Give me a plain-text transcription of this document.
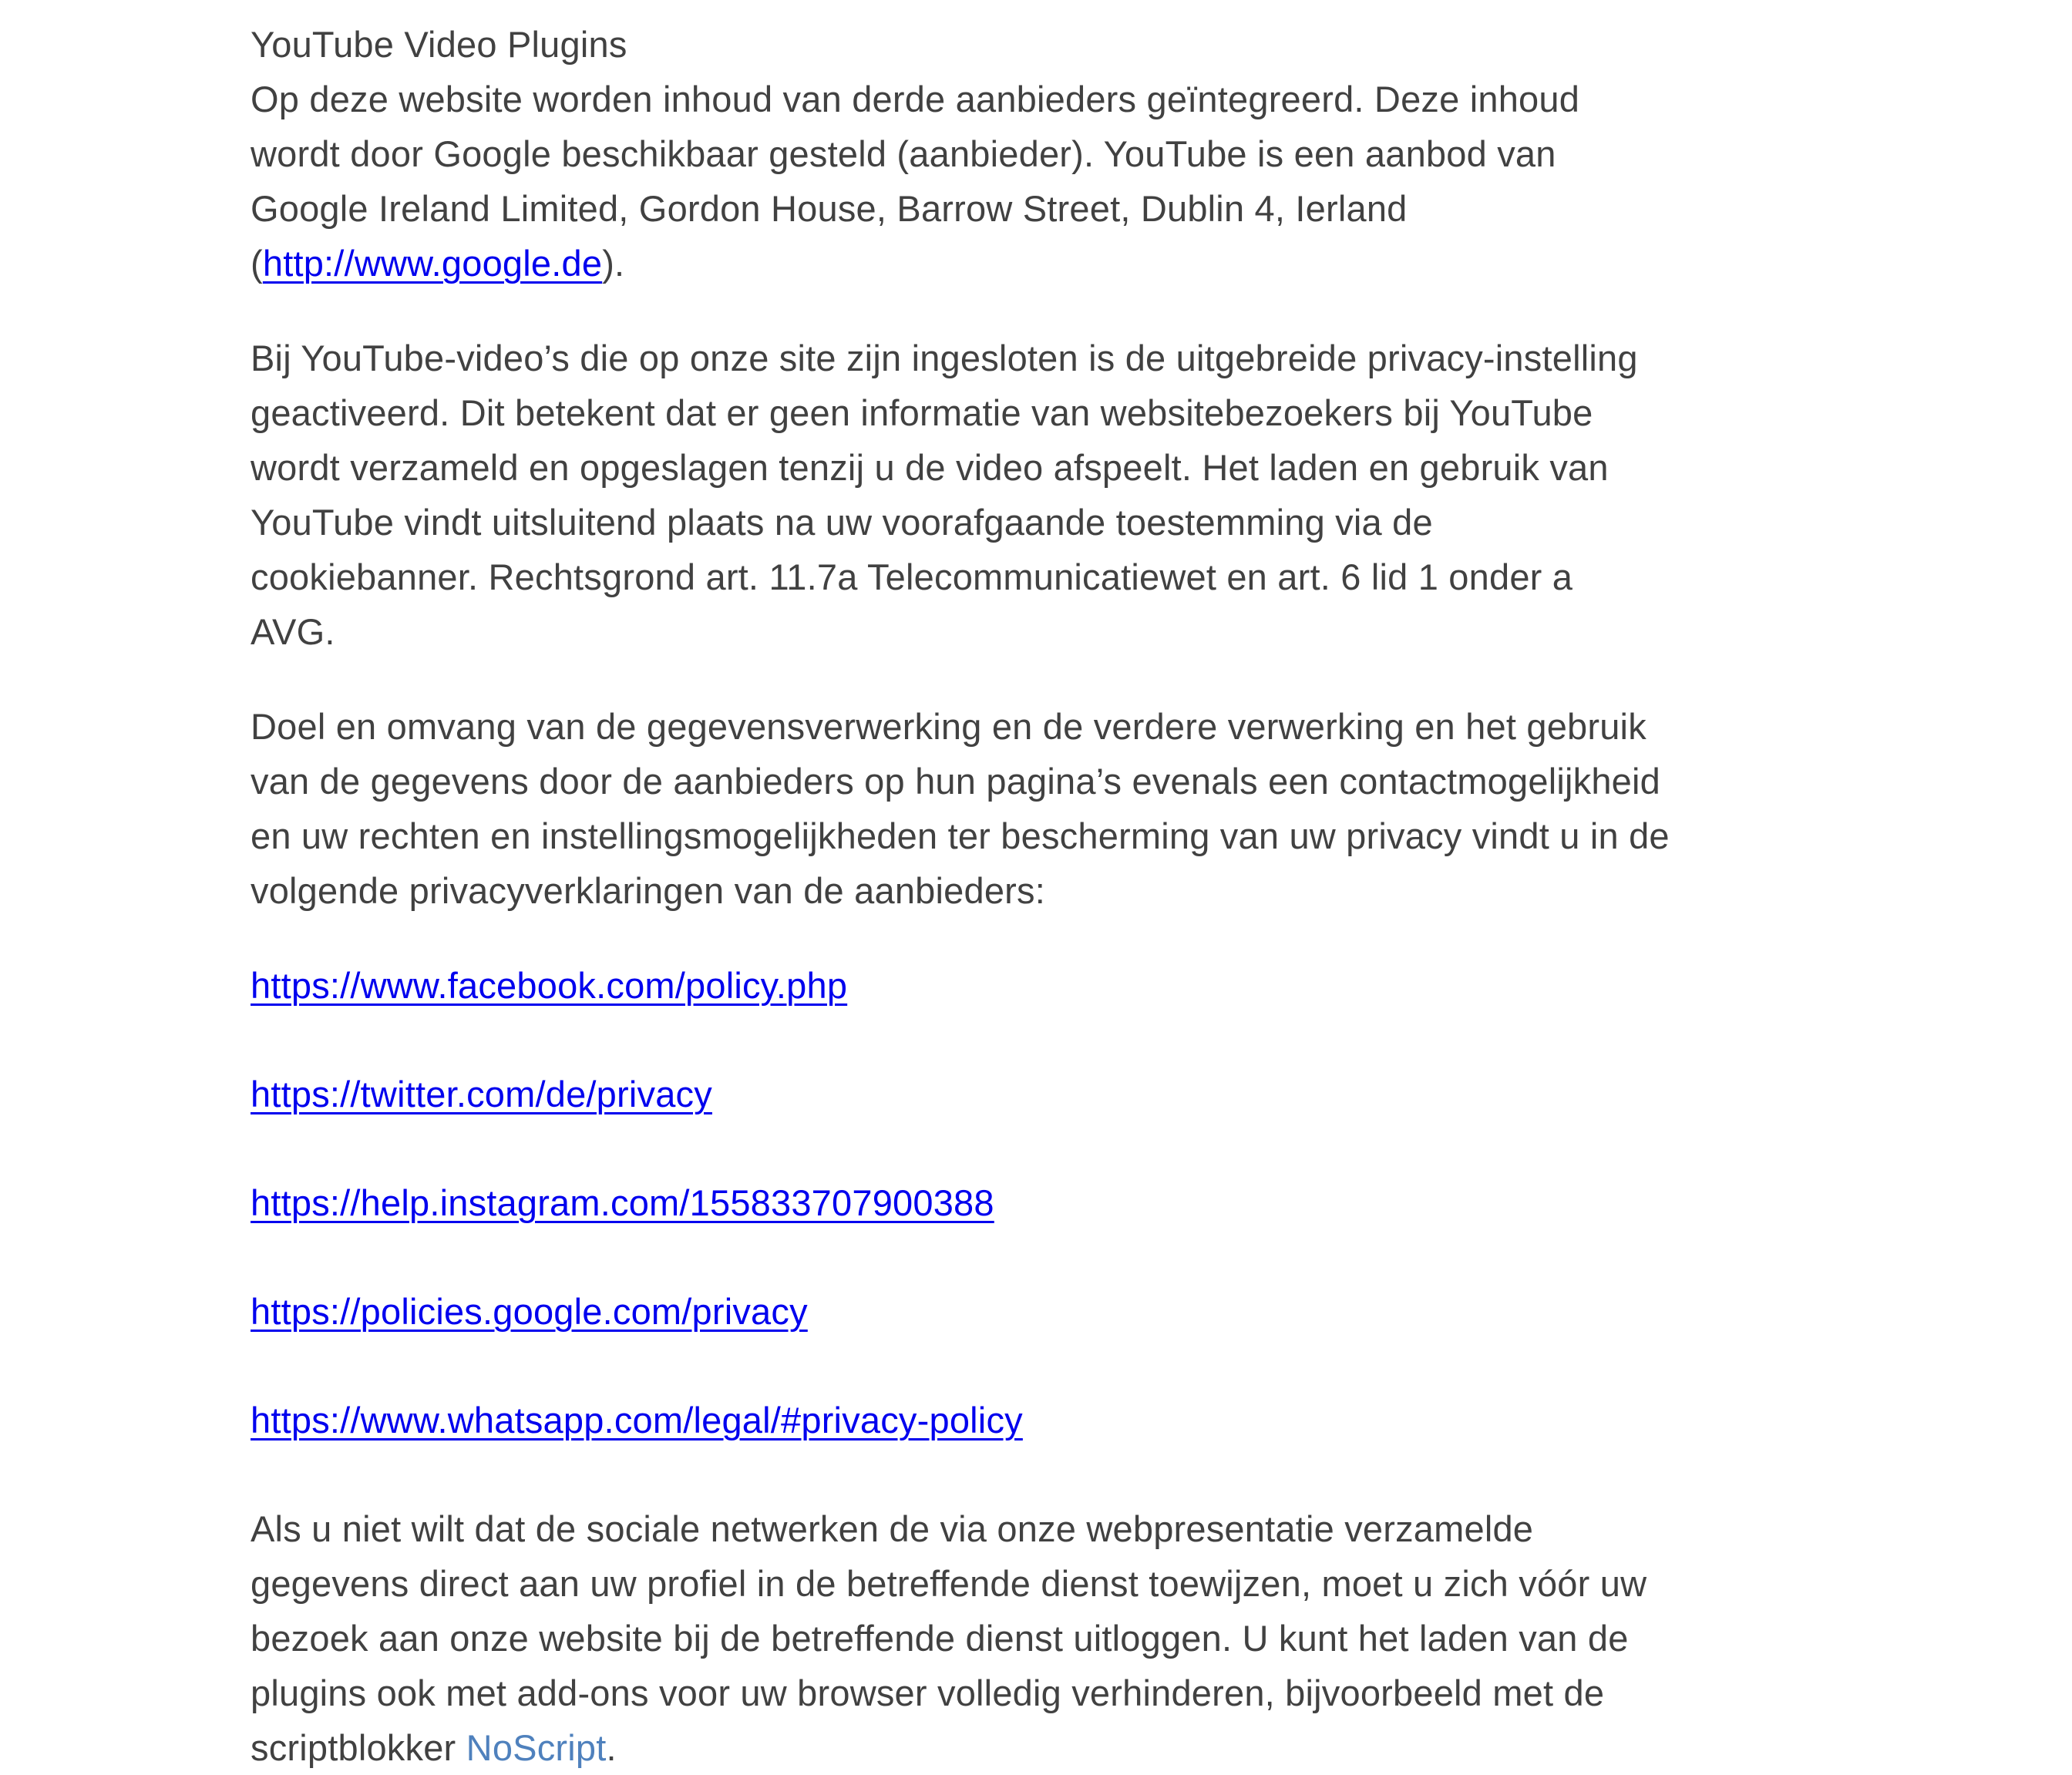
YouTube Video Plugins

Op deze website worden inhoud van derde aanbieders geïntegreerd. Deze inhoud
wordt door Google beschikbaar gesteld (aanbieder). YouTube is een aanbod van
Google Ireland Limited, Gordon House, Barrow Street, Dublin 4, Ierland
(http://www.google.de).

Bij YouTube-video’s die op onze site zijn ingesloten is de uitgebreide privacy-instelling
geactiveerd. Dit betekent dat er geen informatie van websitebezoekers bij YouTube
wordt verzameld en opgeslagen tenzij u de video afspeelt. Het laden en gebruik van
YouTube vindt uitsluitend plaats na uw voorafgaande toestemming via de
cookiebanner. Rechtsgrond art. 11.7a Telecommunicatiewet en art. 6 lid 1 onder a
AVG.

Doel en omvang van de gegevensverwerking en de verdere verwerking en het gebruik
van de gegevens door de aanbieders op hun pagina’s evenals een contactmogelijkheid
en uw rechten en instellingsmogelijkheden ter bescherming van uw privacy vindt u in de
volgende privacyverklaringen van de aanbieders:

https://www.facebook.com/policy.php

https://twitter.com/de/privacy

https://help.instagram.com/155833707900388

https://policies.google.com/privacy

https://www.whatsapp.com/legal/#privacy-policy

Als u niet wilt dat de sociale netwerken de via onze webpresentatie verzamelde
gegevens direct aan uw profiel in de betreffende dienst toewijzen, moet u zich vóór uw
bezoek aan onze website bij de betreffende dienst uitloggen. U kunt het laden van de
plugins ook met add-ons voor uw browser volledig verhinderen, bijvoorbeeld met de
scriptblokker NoScript.
